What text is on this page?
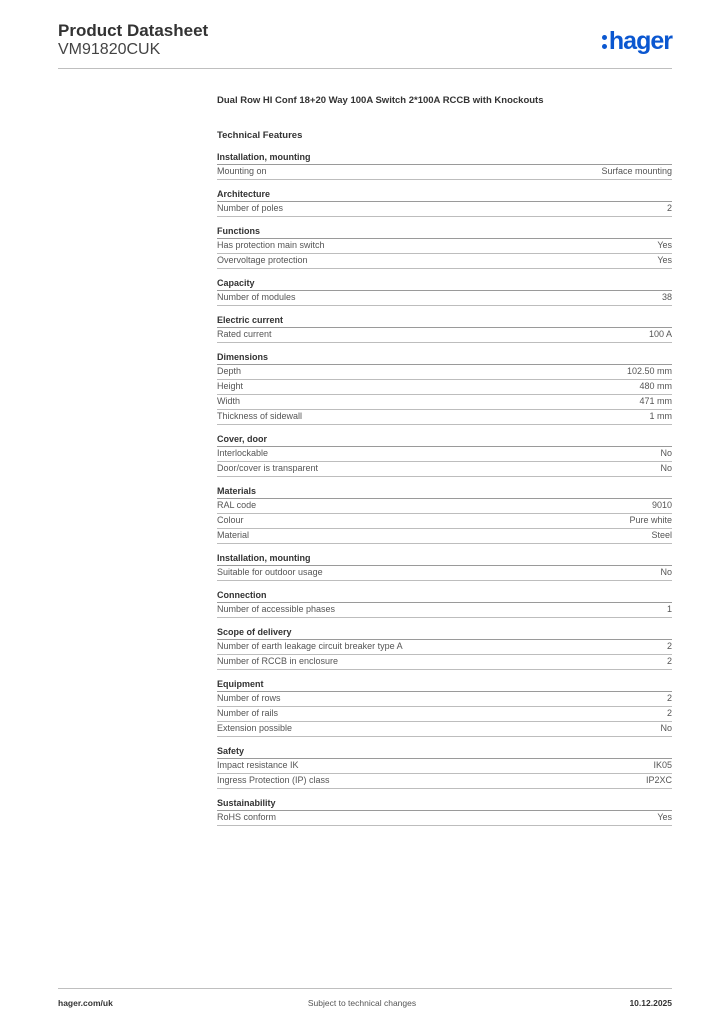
Product Datasheet
VM91820CUK	hager
Dual Row HI Conf 18+20 Way 100A Switch 2*100A RCCB with Knockouts
Technical Features
Installation, mounting
Mounting on	Surface mounting
Architecture
Number of poles	2
Functions
Has protection main switch	Yes
Overvoltage protection	Yes
Capacity
Number of modules	38
Electric current
Rated current	100 A
Dimensions
Depth	102.50 mm
Height	480 mm
Width	471 mm
Thickness of sidewall	1 mm
Cover, door
Interlockable	No
Door/cover is transparent	No
Materials
RAL code	9010
Colour	Pure white
Material	Steel
Installation, mounting
Suitable for outdoor usage	No
Connection
Number of accessible phases	1
Scope of delivery
Number of earth leakage circuit breaker type A	2
Number of RCCB in enclosure	2
Equipment
Number of rows	2
Number of rails	2
Extension possible	No
Safety
Impact resistance IK	IK05
Ingress Protection (IP) class	IP2XC
Sustainability
RoHS conform	Yes
hager.com/uk	Subject to technical changes	10.12.2025
